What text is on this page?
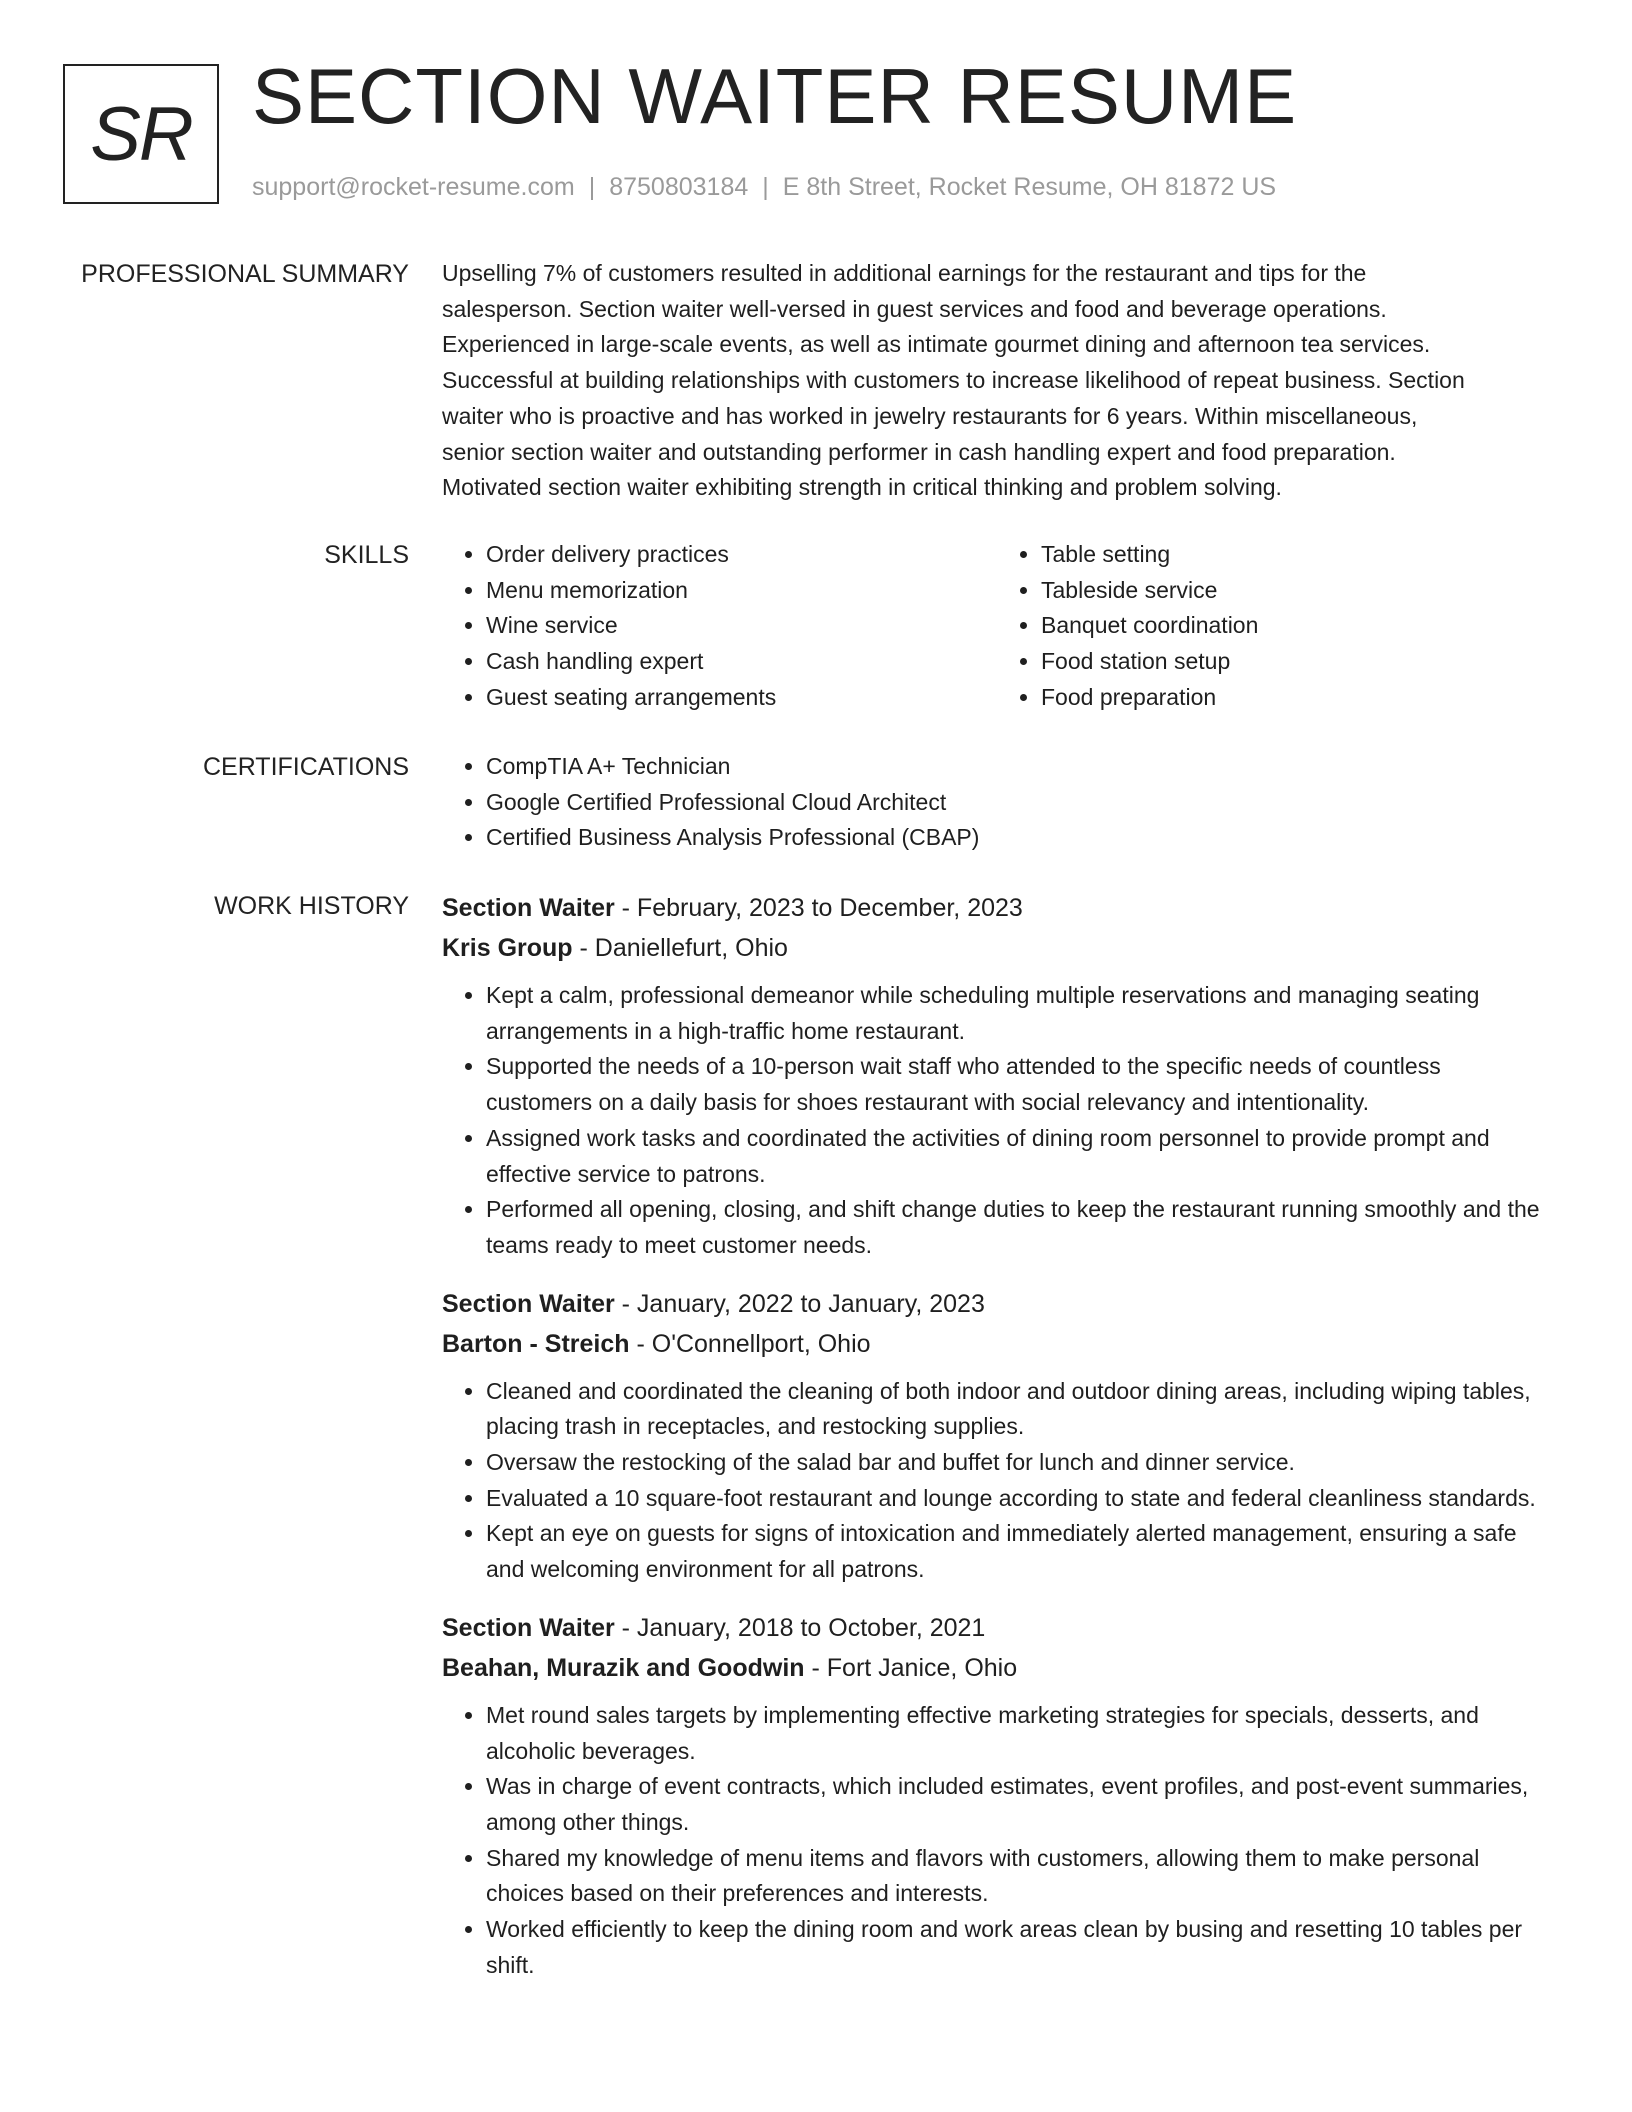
SR SECTION WAITER RESUME
support@rocket-resume.com | 8750803184 | E 8th Street, Rocket Resume, OH 81872 US
PROFESSIONAL SUMMARY Upselling 7% of customers resulted in additional earnings for the restaurant and tips for the
salesperson. Section waiter well-versed in guest services and food and beverage operations.
Experienced in large-scale events, as well as intimate gourmet dining and afternoon tea services.
Successful at building relationships with customers to increase likelihood of repeat business. Section
waiter who is proactive and has worked in jewelry restaurants for 6 years. Within miscellaneous,
senior section waiter and outstanding performer in cash handling expert and food preparation.
Motivated section waiter exhibiting strength in critical thinking and problem solving.
SKILLS	• Order delivery practices
• Menu memorization
• Wine service
• Cash handling expert
• Guest seating arrangements
• Table setting
• Tableside service
• Banquet coordination
• Food station setup
• Food preparation
CERTIFICATIONS	• CompTIA A+ Technician
• Google Certified Professional Cloud Architect
• Certified Business Analysis Professional (CBAP)
WORK HISTORY Section Waiter - February, 2023 to December, 2023
Kris Group - Daniellefurt, Ohio
• Kept a calm, professional demeanor while scheduling multiple reservations and managing seating arrangements in a high-traffic home restaurant.
• Supported the needs of a 10-person wait staff who attended to the specific needs of countless customers on a daily basis for shoes restaurant with social relevancy and intentionality.
• Assigned work tasks and coordinated the activities of dining room personnel to provide prompt and effective service to patrons.
• Performed all opening, closing, and shift change duties to keep the restaurant running smoothly and the teams ready to meet customer needs.
Section Waiter - January, 2022 to January, 2023
Barton - Streich - O'Connellport, Ohio
• Cleaned and coordinated the cleaning of both indoor and outdoor dining areas, including wiping tables, placing trash in receptacles, and restocking supplies.
• Oversaw the restocking of the salad bar and buffet for lunch and dinner service.
• Evaluated a 10 square-foot restaurant and lounge according to state and federal cleanliness standards.
• Kept an eye on guests for signs of intoxication and immediately alerted management, ensuring a safe and welcoming environment for all patrons.
Section Waiter - January, 2018 to October, 2021
Beahan, Murazik and Goodwin - Fort Janice, Ohio
• Met round sales targets by implementing effective marketing strategies for specials, desserts, and alcoholic beverages.
• Was in charge of event contracts, which included estimates, event profiles, and post-event summaries, among other things.
• Shared my knowledge of menu items and flavors with customers, allowing them to make personal choices based on their preferences and interests.
• Worked efficiently to keep the dining room and work areas clean by busing and resetting 10 tables per shift.
